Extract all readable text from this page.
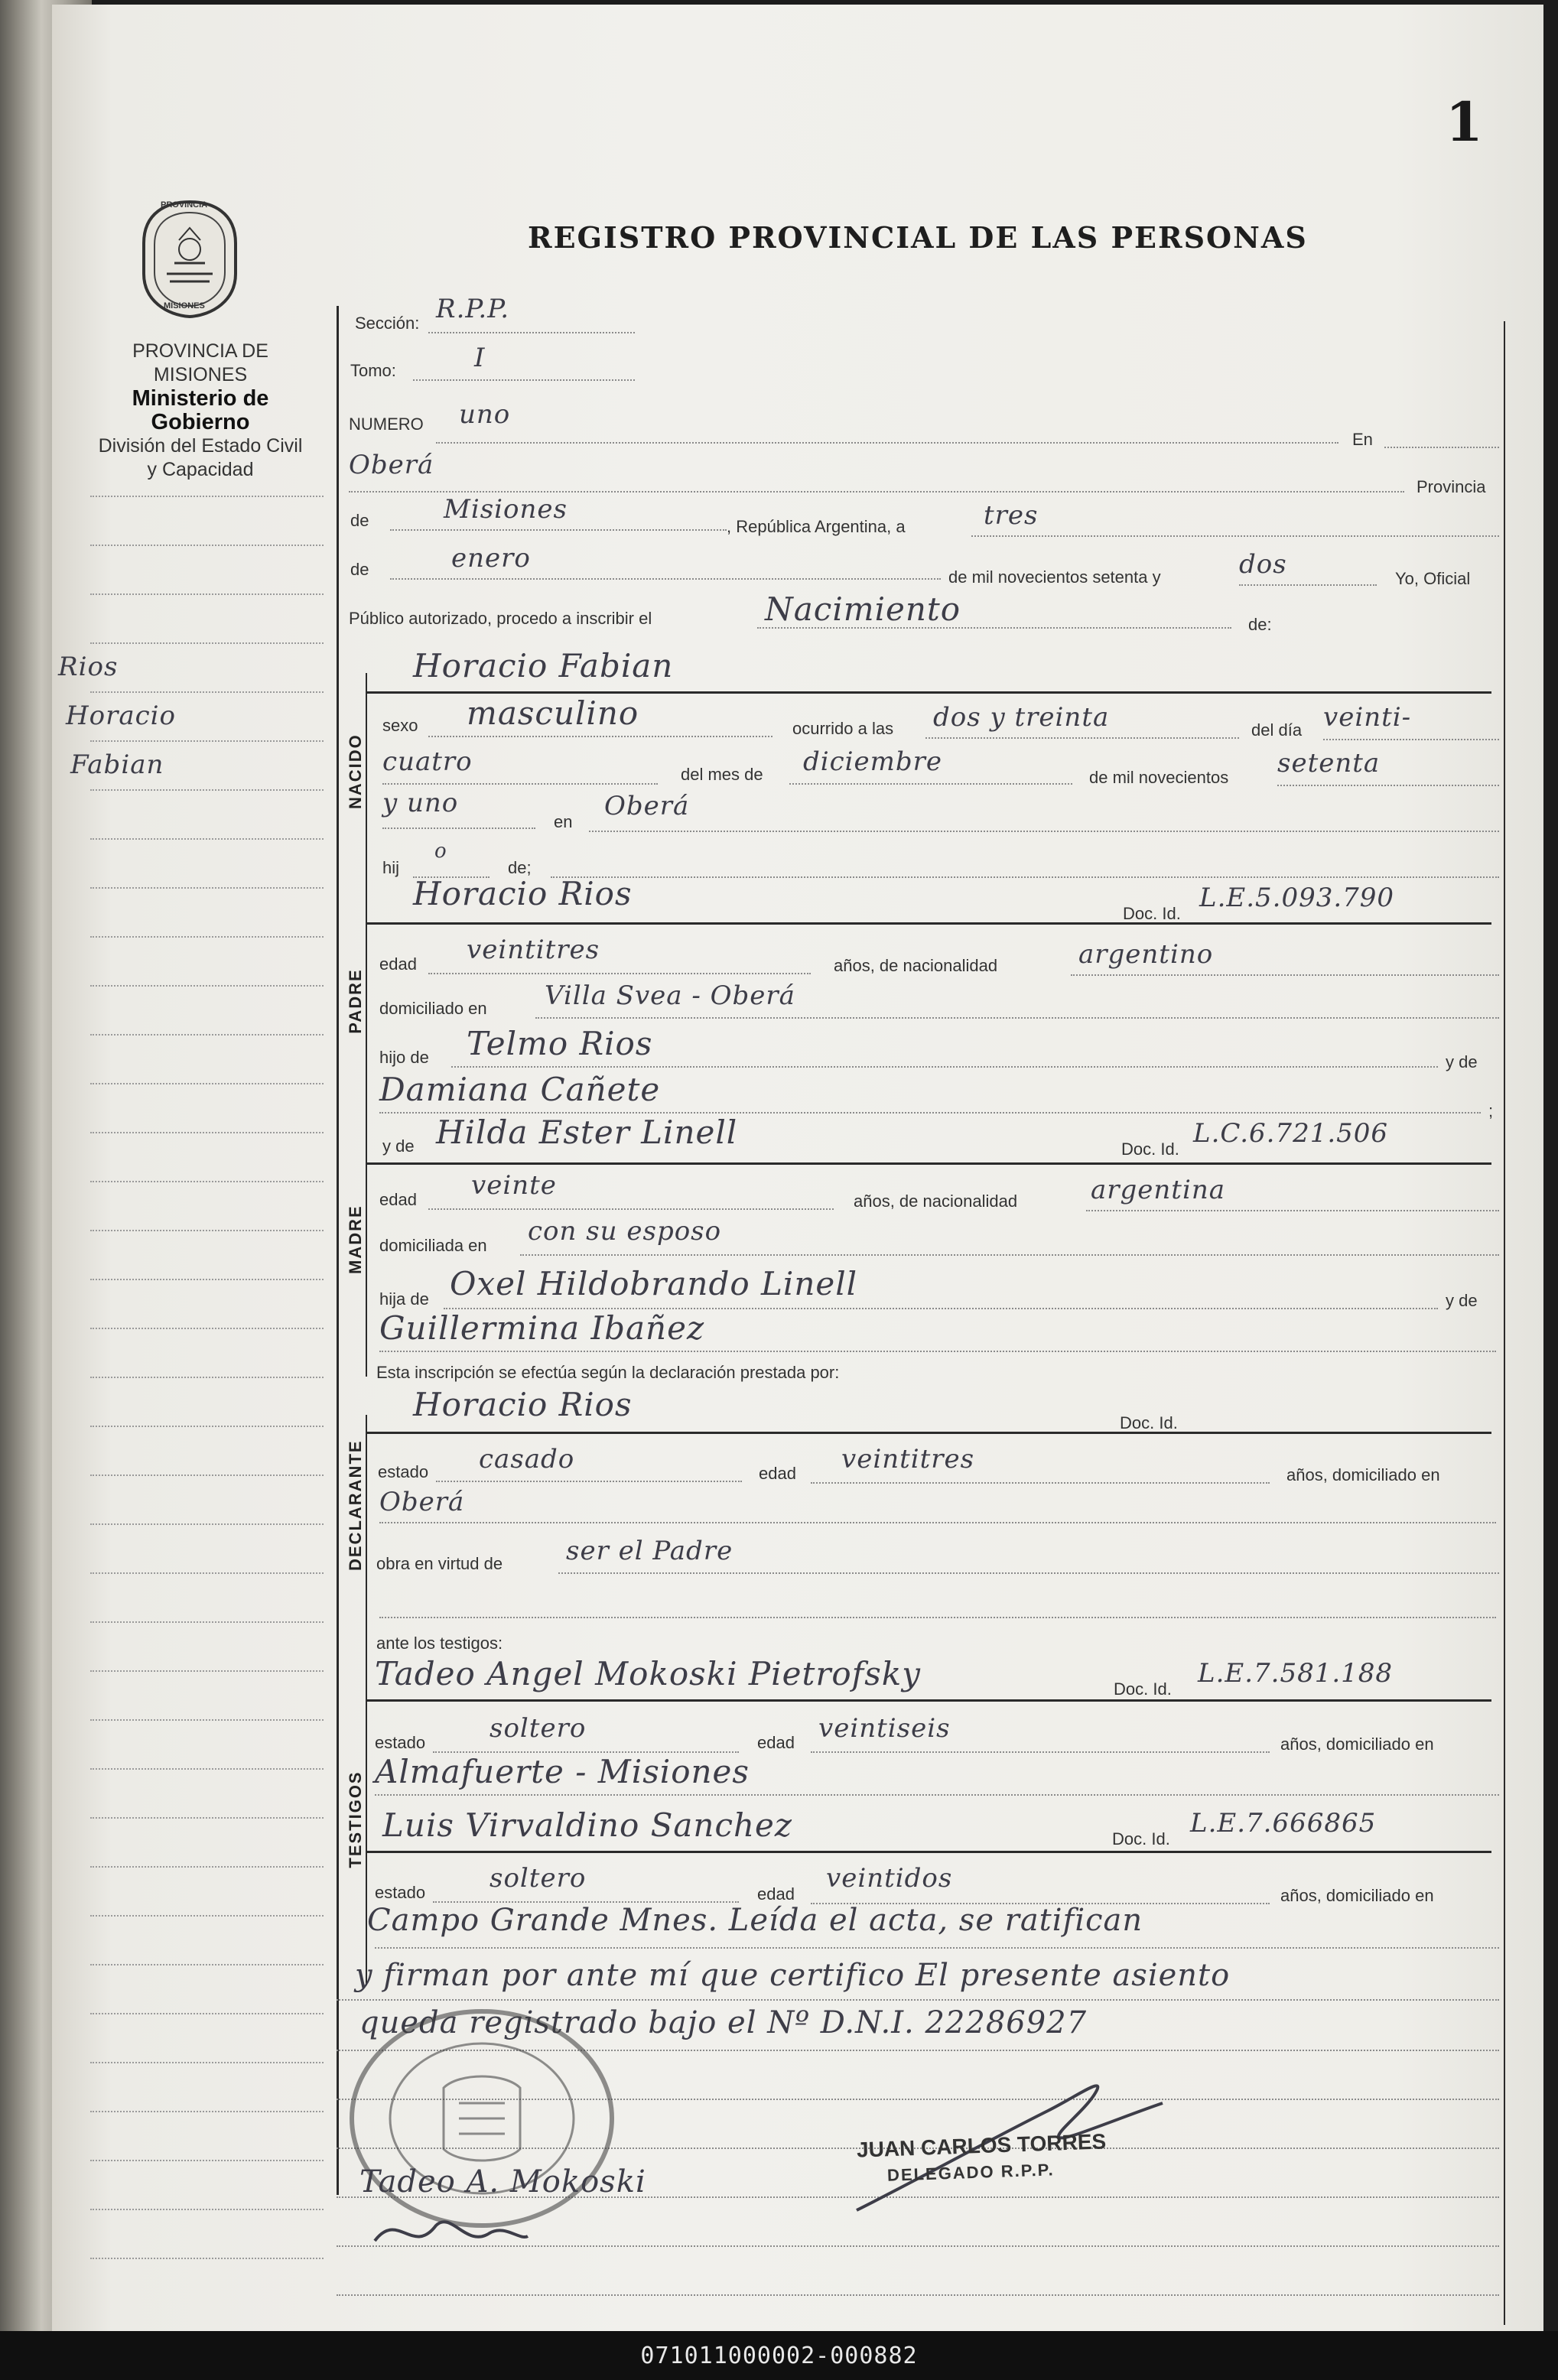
1
REGISTRO PROVINCIAL DE LAS PERSONAS
PROVINCIA
MISIONES
PROVINCIA DE MISIONES
Ministerio de Gobierno
División del Estado Civil
y Capacidad
Rios
Horacio
Fabian
Sección: R.P.P.
Tomo:	I
NUMERO uno
En
Oberá
Provincia
de	Misiones
, República Argentina, a	tres
de	enero
de mil novecientos setenta y	dos	Yo, Oficial
Público autorizado, procedo a inscribir el	Nacimiento	de:
Horacio Fabian
NACIDO
sexo masculino	ocurrido a las dos y treinta	del día veinti-
cuatro	del mes de diciembre
de mil novecientos setenta
y uno
en
Oberá
hij
o
de;
Horacio Rios
Doc. Id.
L.E.5.093.790
PADRE
edad veintitres
años, de nacionalidad	argentino
domiciliado en Villa Svea - Oberá
hijo de Telmo Rios	y de
Damiana Cañete
;
y de Hilda Ester Linell	Doc. Id.
L.C.6.721.506
MADRE
edad veinte
años, de nacionalidad	argentina
domiciliada en con su esposo
hija de Oxel Hildobrando Linell	y de
Guillermina Ibañez
Esta inscripción se efectúa según la declaración prestada por:
Horacio Rios	Doc. Id.
DECLARANTE estado casado	edad veintitres
años, domiciliado en
Oberá
obra en virtud de ser el Padre
ante los testigos:
Tadeo Angel Mokoski Pietrofsky	Doc. Id.
L.E.7.581.188
TESTIGOS
estado soltero	edad veintiseis
años, domiciliado en
Almafuerte - Misiones
Luis Virvaldino Sanchez	Doc. Id.
L.E.7.666865
estado soltero
edad
veintidos
años, domiciliado en
Campo Grande Mnes. Leída el acta, se ratifican
y firman por ante mí que certifico El presente asiento
queda registrado bajo el Nº D.N.I. 22286927
Tadeo A. Mokoski
JUAN CARLOS TORRES
DELEGADO R.P.P.
071011000002-000882
